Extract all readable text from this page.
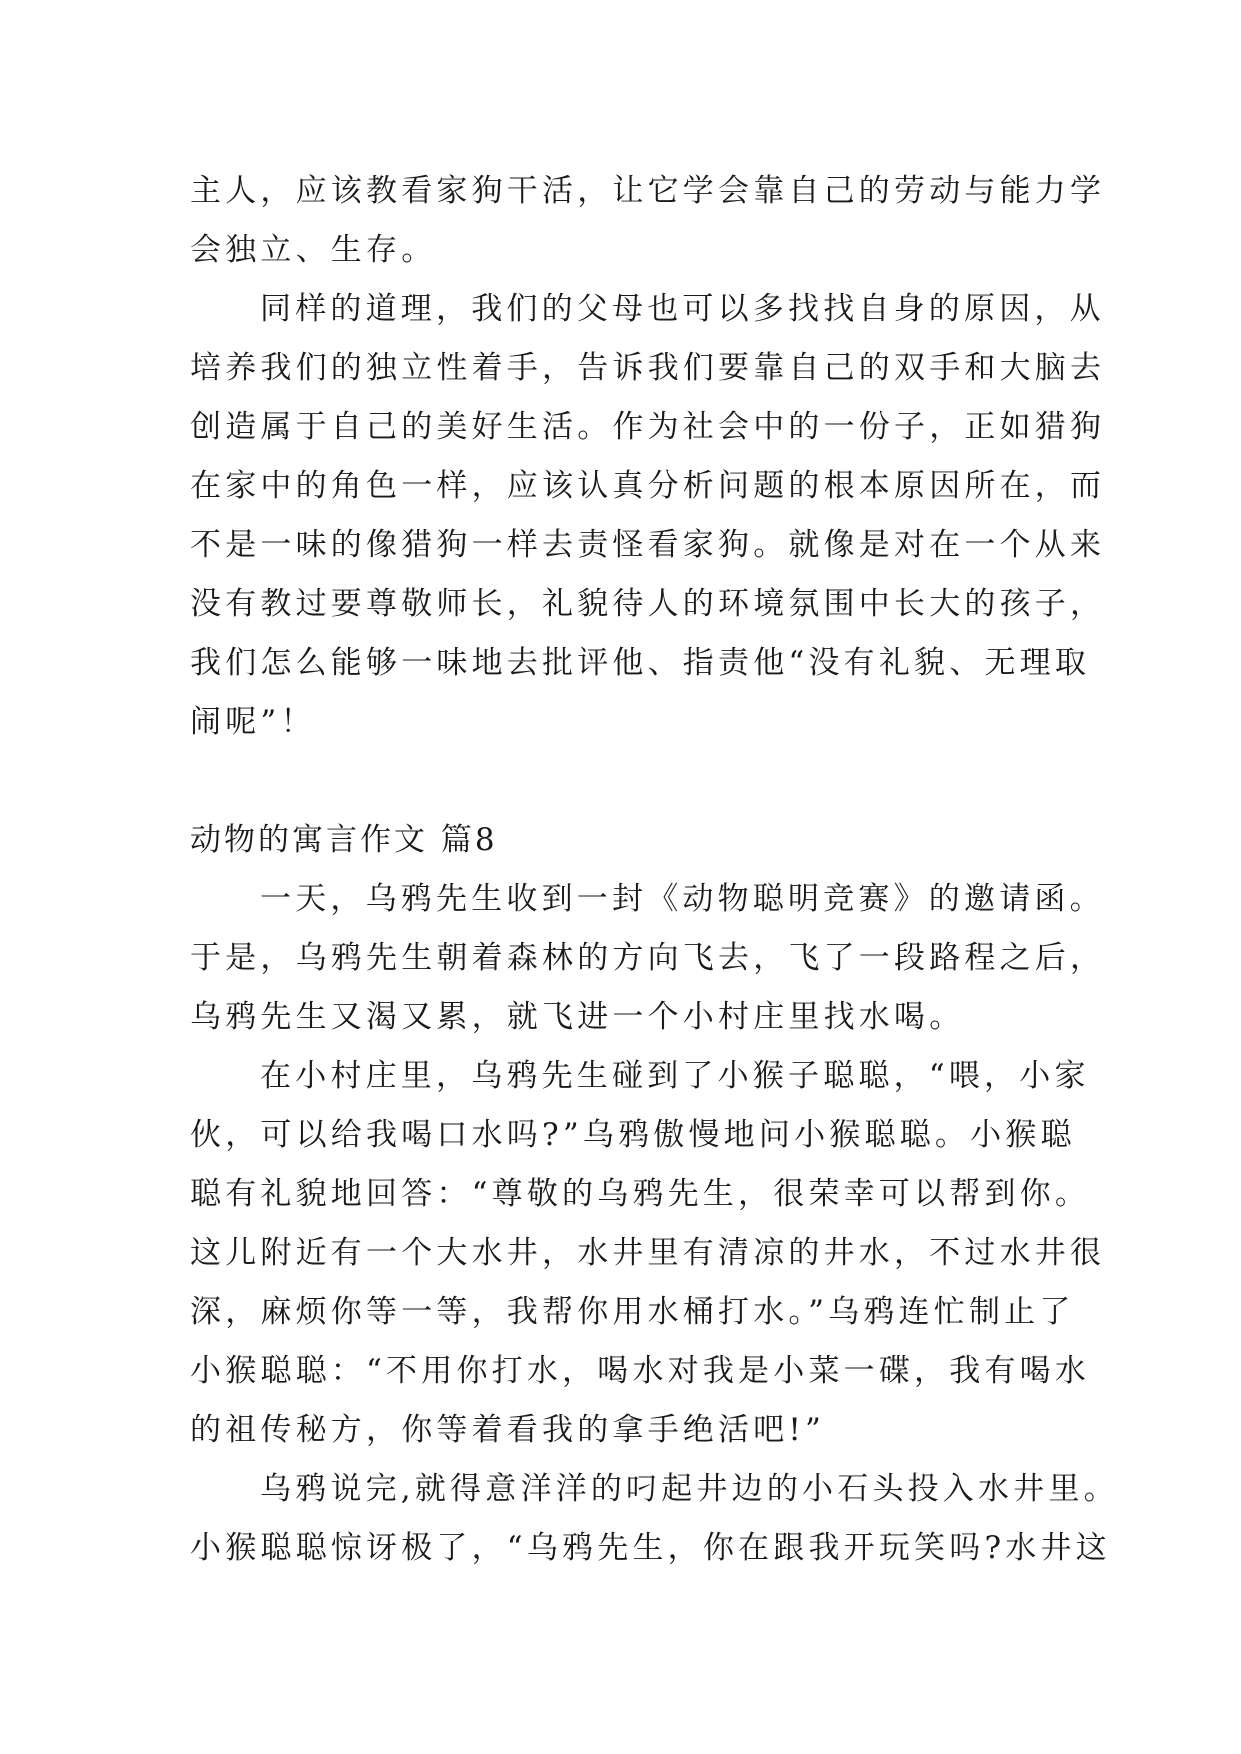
主人，应该教看家狗干活，让它学会靠自己的劳动与能力学
会独立、生存。
同样的道理，我们的父母也可以多找找自身的原因，从
培养我们的独立性着手，告诉我们要靠自己的双手和大脑去
创造属于自己的美好生活。作为社会中的一份子，正如猎狗
在家中的角色一样，应该认真分析问题的根本原因所在，而
不是一味的像猎狗一样去责怪看家狗。就像是对在一个从来
没有教过要尊敬师长，礼貌待人的环境氛围中长大的孩子，
我们怎么能够一味地去批评他、指责他“没有礼貌、无理取
闹呢”！
动物的寓言作文 篇8
一天，乌鸦先生收到一封《动物聪明竞赛》的邀请函。
于是，乌鸦先生朝着森林的方向飞去，飞了一段路程之后，
乌鸦先生又渴又累，就飞进一个小村庄里找水喝。
在小村庄里，乌鸦先生碰到了小猴子聪聪，“喂，小家
伙，可以给我喝口水吗?”乌鸦傲慢地问小猴聪聪。小猴聪
聪有礼貌地回答：“尊敬的乌鸦先生，很荣幸可以帮到你。
这儿附近有一个大水井，水井里有清凉的井水，不过水井很
深，麻烦你等一等，我帮你用水桶打水。”乌鸦连忙制止了
小猴聪聪：“不用你打水，喝水对我是小菜一碟，我有喝水
的祖传秘方，你等着看我的拿手绝活吧!”
乌鸦说完,就得意洋洋的叼起井边的小石头投入水井里。
小猴聪聪惊讶极了，“乌鸦先生，你在跟我开玩笑吗?水井这
